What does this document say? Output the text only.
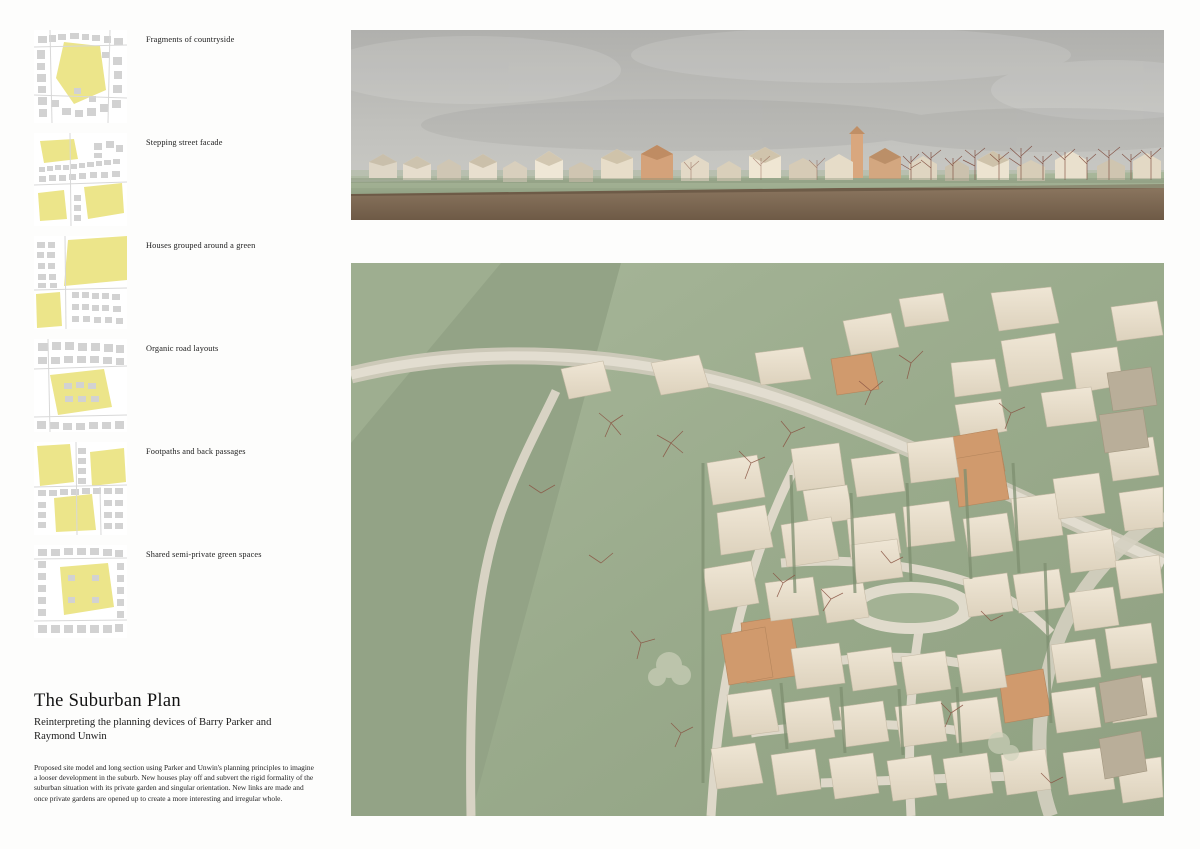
Fragments of countryside
Stepping street facade
Houses grouped around a green
Organic road layouts
Footpaths and back passages
Shared semi-private green spaces
The Suburban Plan

Reinterpreting the planning devices of Barry Parker and Raymond Unwin

Proposed site model and long section using Parker and Unwin's planning principles to imagine a looser development in the suburb. New houses play off and subvert the rigid formality of the suburban situation with its private garden and singular orientation. New links are made and once private gardens are opened up to create a more interesting and irregular whole.
